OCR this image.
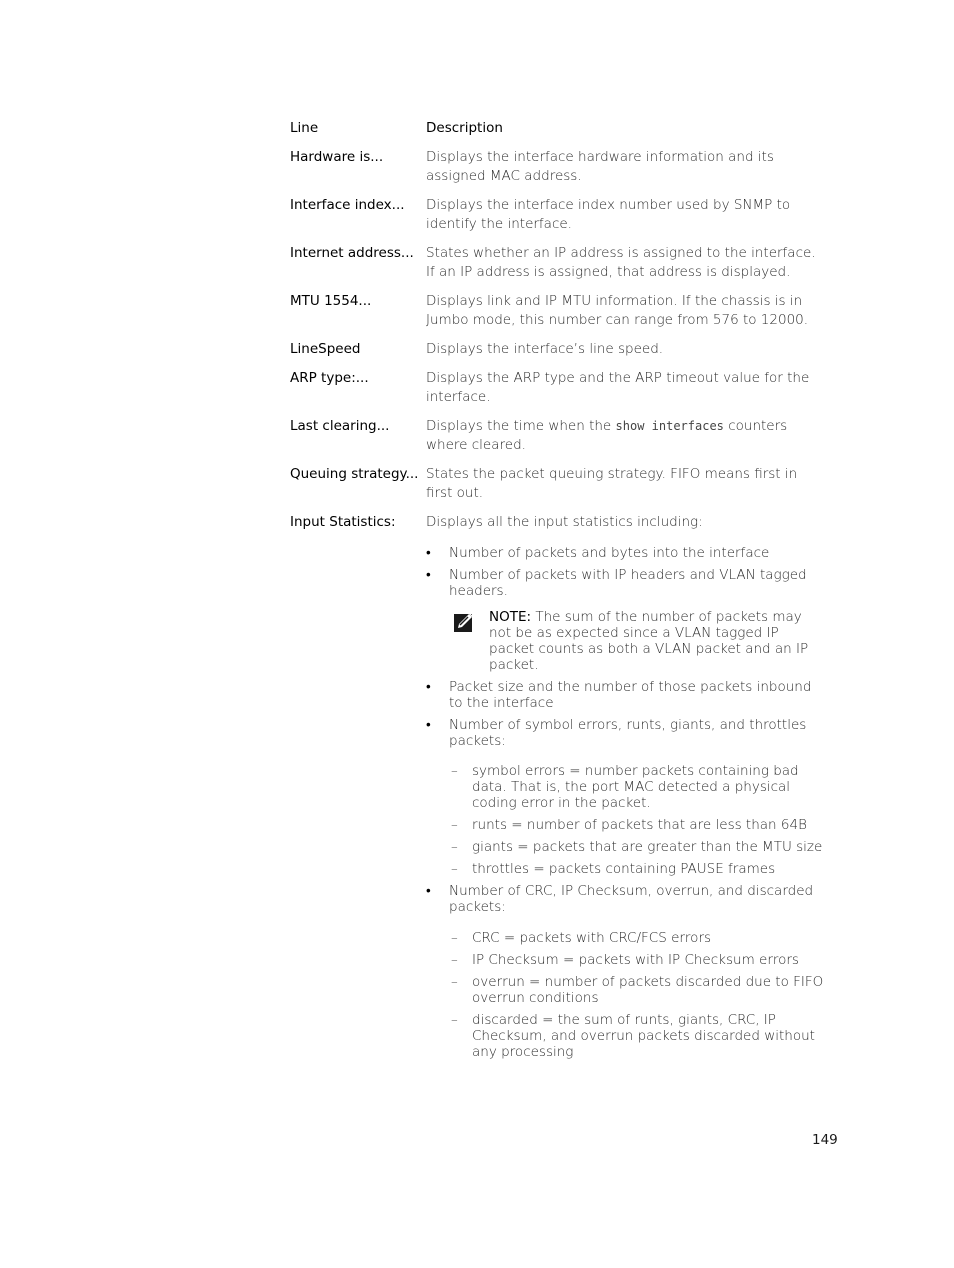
Line	Description
Hardware is...	Displays the interface hardware information and its assigned MAC address.
Interface index...	Displays the interface index number used by SNMP to identify the interface.
Internet address... States whether an IP address is assigned to the interface. If an IP address is assigned, that address is displayed.
MTU 1554...	Displays link and IP MTU information. If the chassis is in Jumbo mode, this number can range from 576 to 12000.
LineSpeed	Displays the interface’s line speed.
ARP type:...	Displays the ARP type and the ARP timeout value for the interface.
Last clearing...	Displays the time when the show interfaces counters where cleared.
Queuing strategy... States the packet queuing strategy. FIFO means first in first out.
Input Statistics:	Displays all the input statistics including:
• Number of packets and bytes into the interface
• Number of packets with IP headers and VLAN tagged headers.
NOTE: The sum of the number of packets may not be as expected since a VLAN tagged IP packet counts as both a VLAN packet and an IP packet.
• Packet size and the number of those packets inbound to the interface
• Number of symbol errors, runts, giants, and throttles packets:
– symbol errors = number packets containing bad data. That is, the port MAC detected a physical coding error in the packet.
– runts = number of packets that are less than 64B
– giants = packets that are greater than the MTU size
– throttles = packets containing PAUSE frames
• Number of CRC, IP Checksum, overrun, and discarded packets:
– CRC = packets with CRC/FCS errors
– IP Checksum = packets with IP Checksum errors
– overrun = number of packets discarded due to FIFO overrun conditions
– discarded = the sum of runts, giants, CRC, IP Checksum, and overrun packets discarded without any processing
149
